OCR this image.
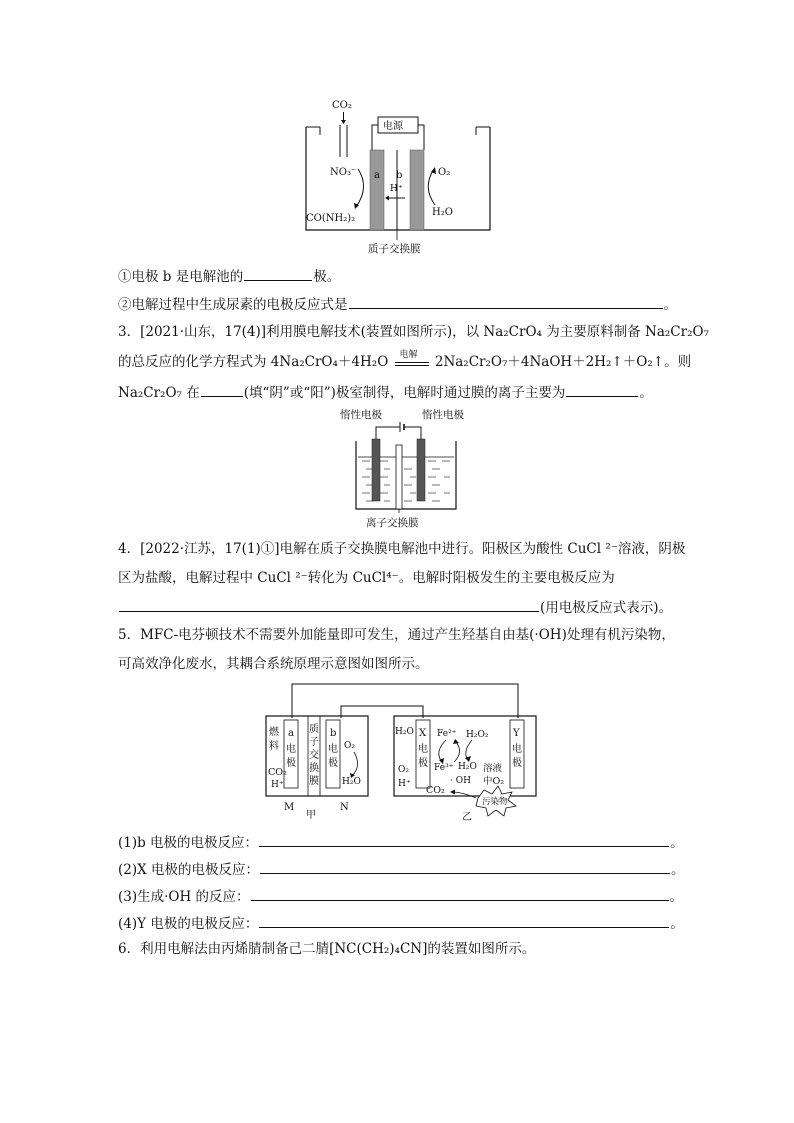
CO₂
电源
a b
H⁺
NO₃⁻
CO(NH₂)₂
O₂
H₂O
质子交换膜
①电极 b 是电解池的	极。
②电解过程中生成尿素的电极反应式是	。
3．[2021·山东，17(4)]利用膜电解技术(装置如图所示)，以 Na₂CrO₄ 为主要原料制备 Na₂Cr₂O₇
的总反应的化学方程式为 4Na₂CrO₄＋4H₂O 电解 2Na₂Cr₂O₇＋4NaOH＋2H₂↑＋O₂↑。则
Na₂Cr₂O₇ 在	(填“阴”或“阳”)极室制得，电解时通过膜的离子主要为	。
惰性电极	惰性电极
离子交换膜
4．[2022·江苏，17(1)①]电解在质子交换膜电解池中进行。阳极区为酸性 CuCl ²⁻溶液，阴极
区为盐酸，电解过程中 CuCl ²⁻转化为 CuCl⁴⁻。电解时阳极发生的主要电极反应为
(用电极反应式表示)。
5．MFC-电芬顿技术不需要外加能量即可发生，通过产生羟基自由基(·OH)处理有机污染物，
可高效净化废水，其耦合系统原理示意图如图所示。
燃
料
a
电
极
CO₂
H⁺
质
子
交
换
膜
b
电
极
O₂
H₂O
M	N
甲
H₂O X
电
极
O₂
H⁺
Fe²⁺
Fe³⁺
H₂O₂
H₂O
· OH
溶液
中O₂
CO₂
Y
电
极
乙
污染物
(1)b 电极的电极反应：	。
(2)X 电极的电极反应：	。
(3)生成·OH 的反应：	。
(4)Y 电极的电极反应：	。
6．利用电解法由丙烯腈制备己二腈[NC(CH₂)₄CN]的装置如图所示。
